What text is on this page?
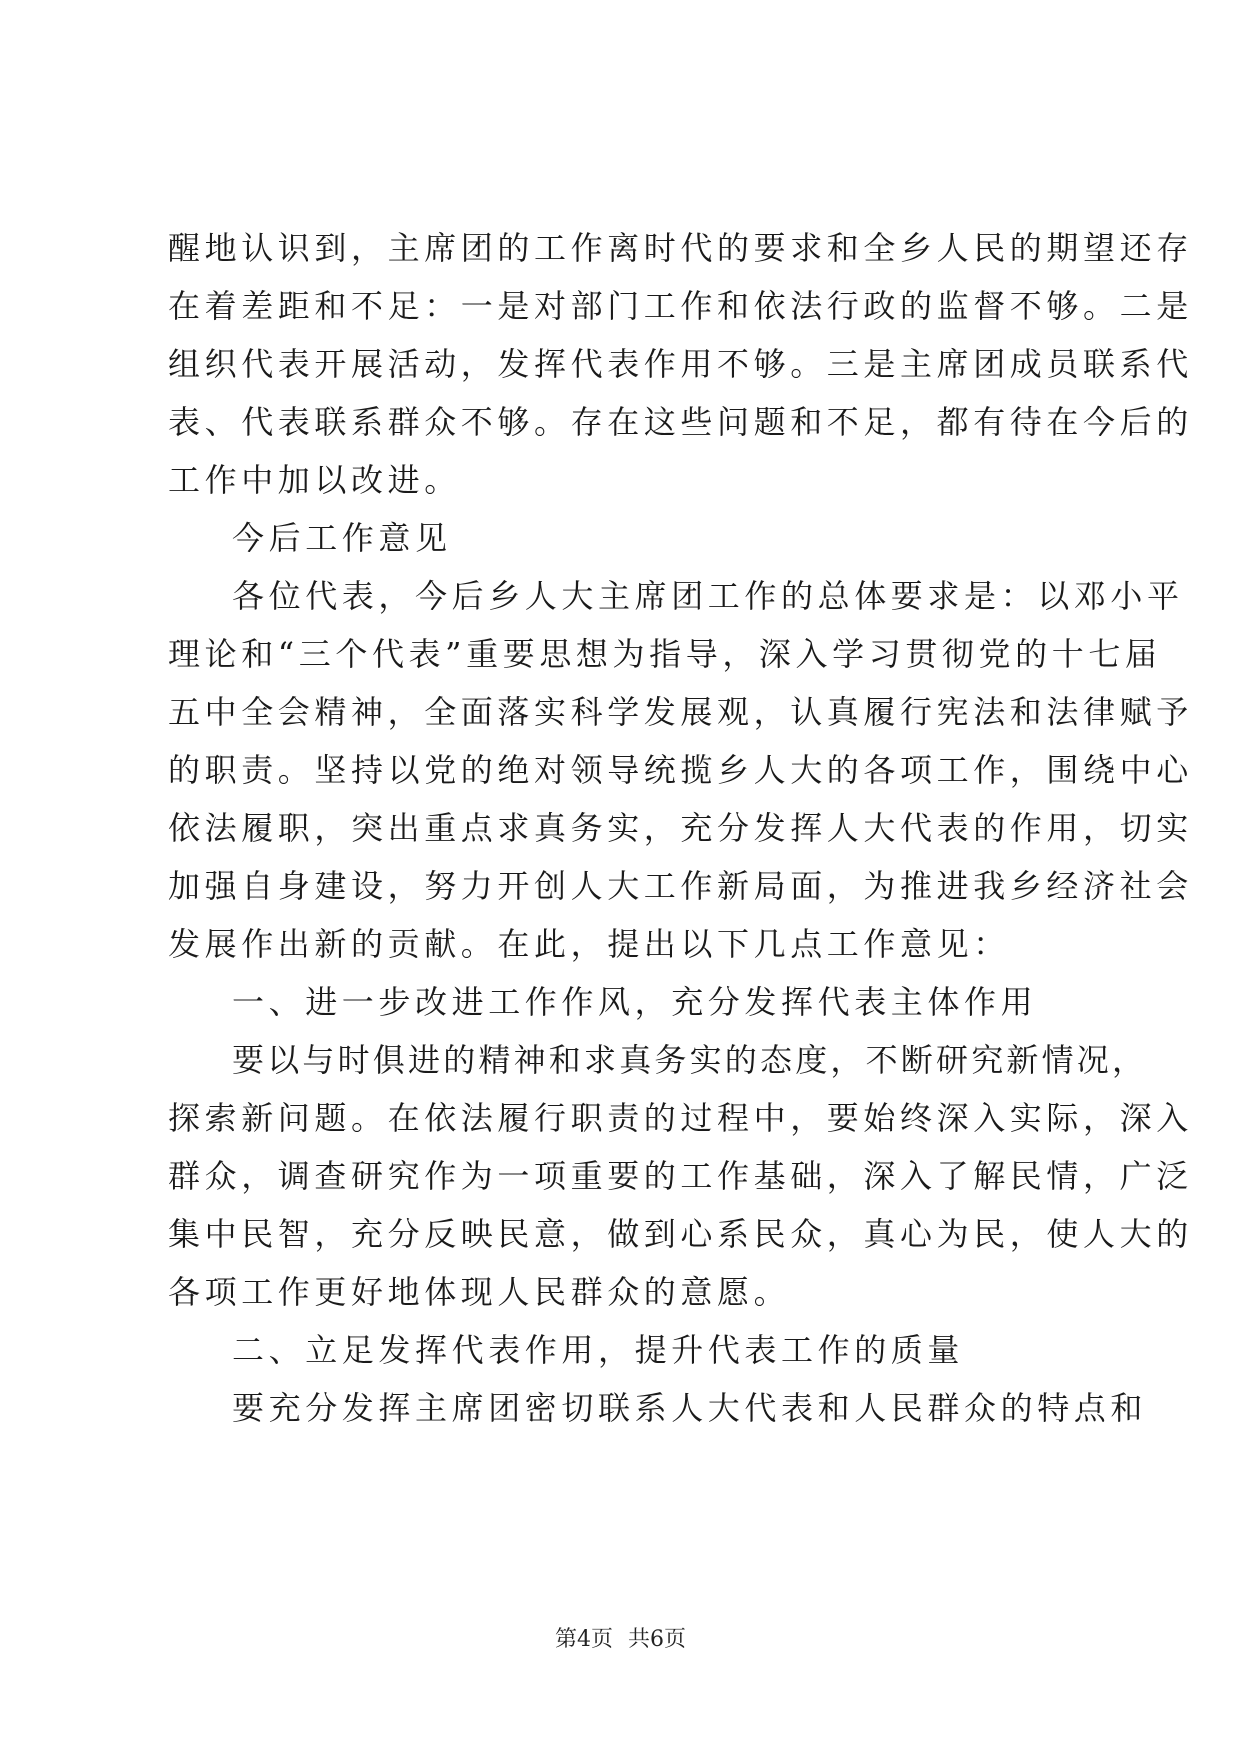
醒地认识到，主席团的工作离时代的要求和全乡人民的期望还存
在着差距和不足：一是对部门工作和依法行政的监督不够。二是
组织代表开展活动，发挥代表作用不够。三是主席团成员联系代
表、代表联系群众不够。存在这些问题和不足，都有待在今后的
工作中加以改进。
今后工作意见
各位代表，今后乡人大主席团工作的总体要求是：以邓小平
理论和“三个代表”重要思想为指导，深入学习贯彻党的十七届
五中全会精神，全面落实科学发展观，认真履行宪法和法律赋予
的职责。坚持以党的绝对领导统揽乡人大的各项工作，围绕中心
依法履职，突出重点求真务实，充分发挥人大代表的作用，切实
加强自身建设，努力开创人大工作新局面，为推进我乡经济社会
发展作出新的贡献。在此，提出以下几点工作意见：
一、进一步改进工作作风，充分发挥代表主体作用
要以与时俱进的精神和求真务实的态度，不断研究新情况，
探索新问题。在依法履行职责的过程中，要始终深入实际，深入
群众，调查研究作为一项重要的工作基础，深入了解民情，广泛
集中民智，充分反映民意，做到心系民众，真心为民，使人大的
各项工作更好地体现人民群众的意愿。
二、立足发挥代表作用，提升代表工作的质量
要充分发挥主席团密切联系人大代表和人民群众的特点和
第4页 共6页
